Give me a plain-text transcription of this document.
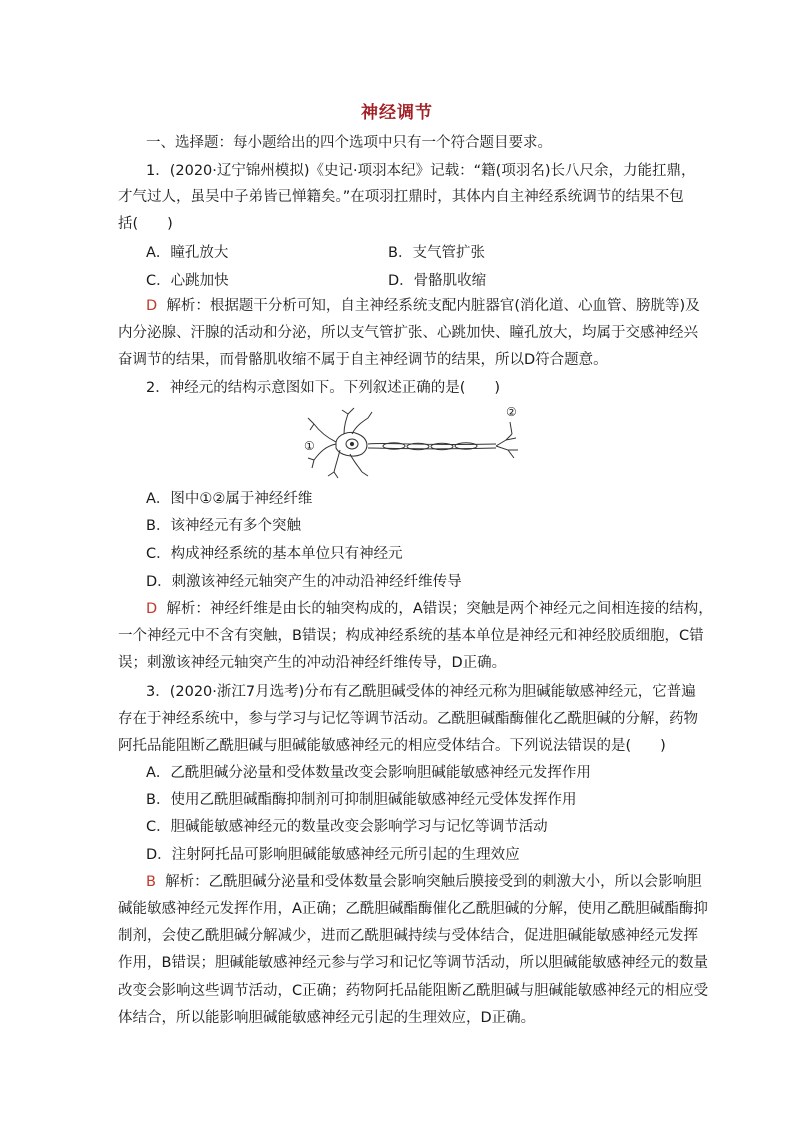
神经调节
一、选择题：每小题给出的四个选项中只有一个符合题目要求。
1．(2020·辽宁锦州模拟)《史记·项羽本纪》记载：“籍(项羽名)长八尺余，力能扛鼎，
才气过人，虽吴中子弟皆已惮籍矣。”在项羽扛鼎时，其体内自主神经系统调节的结果不包
括(　　)
A．瞳孔放大	B．支气管扩张
C．心跳加快	D．骨骼肌收缩
D 解析：根据题干分析可知，自主神经系统支配内脏器官(消化道、心血管、膀胱等)及
内分泌腺、汗腺的活动和分泌，所以支气管扩张、心跳加快、瞳孔放大，均属于交感神经兴
奋调节的结果，而骨骼肌收缩不属于自主神经调节的结果，所以D符合题意。
2．神经元的结构示意图如下。下列叙述正确的是(　　)
①
②
A．图中①②属于神经纤维
B．该神经元有多个突触
C．构成神经系统的基本单位只有神经元
D．刺激该神经元轴突产生的冲动沿神经纤维传导
D 解析：神经纤维是由长的轴突构成的，A错误；突触是两个神经元之间相连接的结构，
一个神经元中不含有突触，B错误；构成神经系统的基本单位是神经元和神经胶质细胞，C错
误；刺激该神经元轴突产生的冲动沿神经纤维传导，D正确。
3．(2020·浙江7月选考)分布有乙酰胆碱受体的神经元称为胆碱能敏感神经元，它普遍
存在于神经系统中，参与学习与记忆等调节活动。乙酰胆碱酯酶催化乙酰胆碱的分解，药物
阿托品能阻断乙酰胆碱与胆碱能敏感神经元的相应受体结合。下列说法错误的是(　　)
A．乙酰胆碱分泌量和受体数量改变会影响胆碱能敏感神经元发挥作用
B．使用乙酰胆碱酯酶抑制剂可抑制胆碱能敏感神经元受体发挥作用
C．胆碱能敏感神经元的数量改变会影响学习与记忆等调节活动
D．注射阿托品可影响胆碱能敏感神经元所引起的生理效应
B 解析：乙酰胆碱分泌量和受体数量会影响突触后膜接受到的刺激大小，所以会影响胆
碱能敏感神经元发挥作用，A正确；乙酰胆碱酯酶催化乙酰胆碱的分解，使用乙酰胆碱酯酶抑
制剂，会使乙酰胆碱分解减少，进而乙酰胆碱持续与受体结合，促进胆碱能敏感神经元发挥
作用，B错误；胆碱能敏感神经元参与学习和记忆等调节活动，所以胆碱能敏感神经元的数量
改变会影响这些调节活动，C正确；药物阿托品能阻断乙酰胆碱与胆碱能敏感神经元的相应受
体结合，所以能影响胆碱能敏感神经元引起的生理效应，D正确。
